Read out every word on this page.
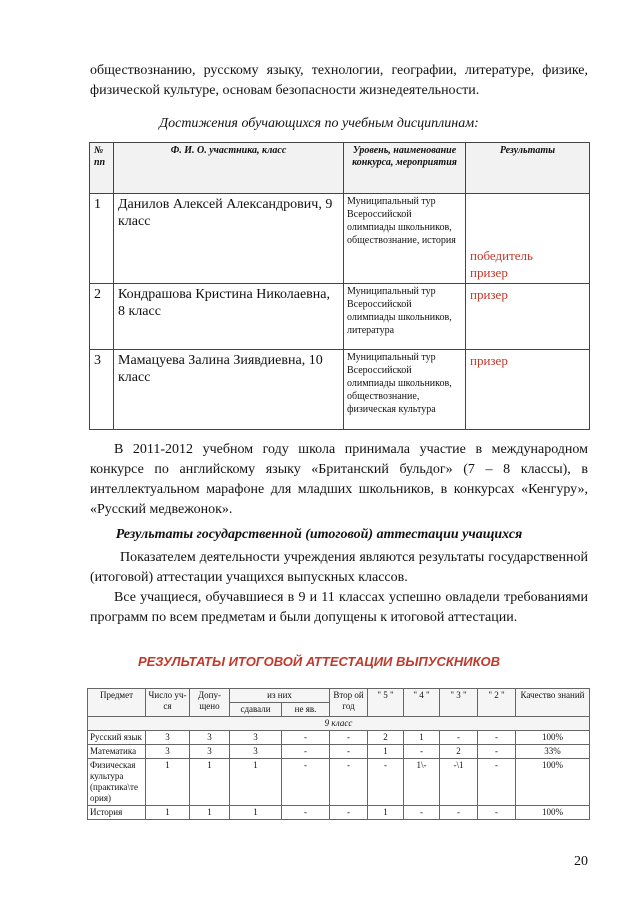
обществознанию, русскому языку, технологии, географии, литературе, физике, физической культуре, основам безопасности жизнедеятельности.

Достижения обучающихся по учебным дисциплинам:
№ пп	Ф. И. О. участника, класс	Уровень, наименование конкурса, мероприятия	Результаты
1	Данилов Алексей Александрович, 9 класс	Муниципальный тур Всероссийской олимпиады школьников, обществознание, история	победитель
призер

2	Кондрашова Кристина Николаевна, 8 класс	Муниципальный тур Всероссийской олимпиады школьников, литература	призер
3	Мамацуева Залина Зиявдиевна, 10 класс	Муниципальный тур Всероссийской олимпиады школьников, обществознание, физическая культура	призер

В 2011-2012 учебном году школа принимала участие в международном конкурсе по английскому языку «Британский бульдог» (7 – 8 классы), в интеллектуальном марафоне для младших школьников, в конкурсах «Кенгуру», «Русский медвежонок».

Результаты государственной (итоговой) аттестации учащихся

Показателем деятельности учреждения являются результаты государственной (итоговой) аттестации учащихся выпускных классов.

Все учащиеся, обучавшиеся в 9 и 11 классах успешно овладели требованиями программ по всем предметам и были допущены к итоговой аттестации.

РЕЗУЛЬТАТЫ ИТОГОВОЙ АТТЕСТАЦИИ ВЫПУСКНИКОВ
Предмет	Число уч-ся	Допу-щено	из них		Втор ой год	" 5 "	" 4 "	" 3 "	" 2 "	Качество знаний
			сдавали	не яв.						
9 класс										
Русский язык	3	3	3	-	-	2	1	-	-	100%
Математика	3	3	3	-	-	1	-	2	-	33%
Физическая культура (практика\те ория)	1	1	1	-	-	-	1\-	-\1	-	100%
История	1	1	1	-	-	1	-	-	-	100%
20
